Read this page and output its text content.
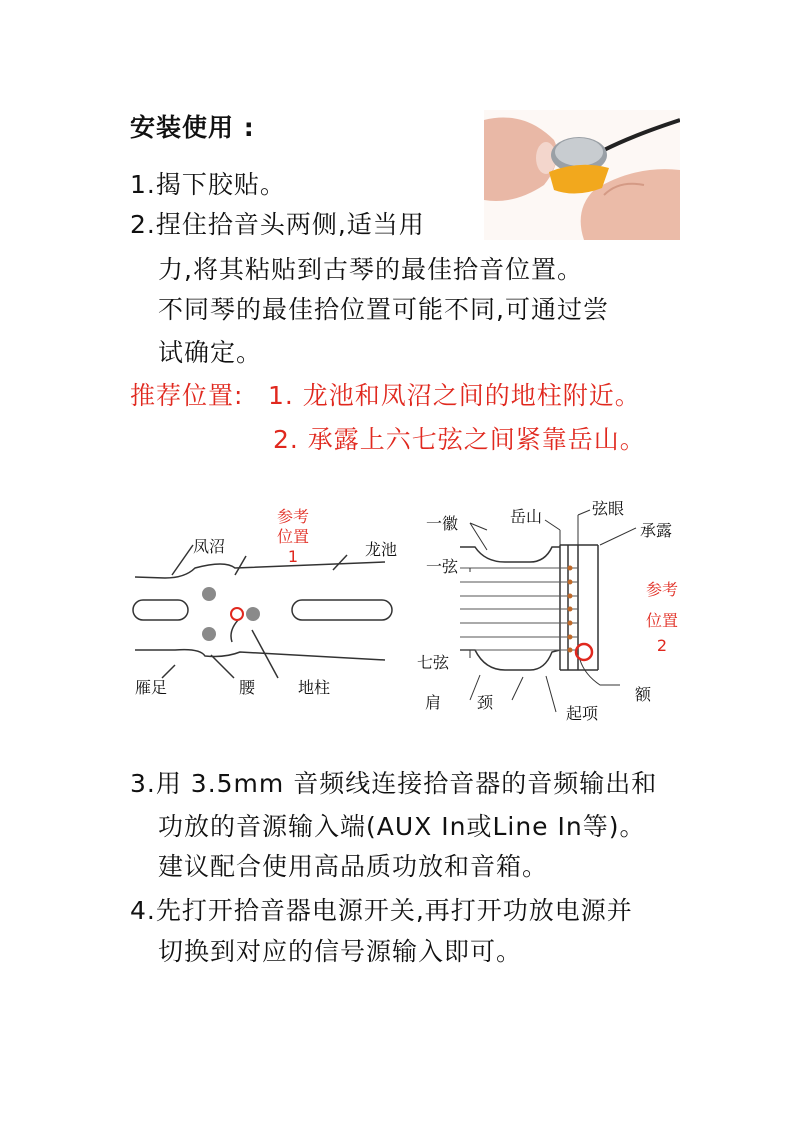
安装使用 :
1.揭下胶贴。
2.捏住拾音头两侧,适当用
力,将其粘贴到古琴的最佳拾音位置。
不同琴的最佳拾位置可能不同,可通过尝
试确定。
推荐位置: 1. 龙池和凤沼之间的地柱附近。
2. 承露上六七弦之间紧靠岳山。
凤沼
参考
位置
1	龙池
雁足	腰	地柱
一徽	岳山	弦眼
承露
一弦
参考
位置
2
七弦
额
肩 颈
起项
3.用 3.5mm 音频线连接拾音器的音频输出和
功放的音源输入端(AUX In或Line In等)。
建议配合使用高品质功放和音箱。
4.先打开拾音器电源开关,再打开功放电源并
切换到对应的信号源输入即可。
